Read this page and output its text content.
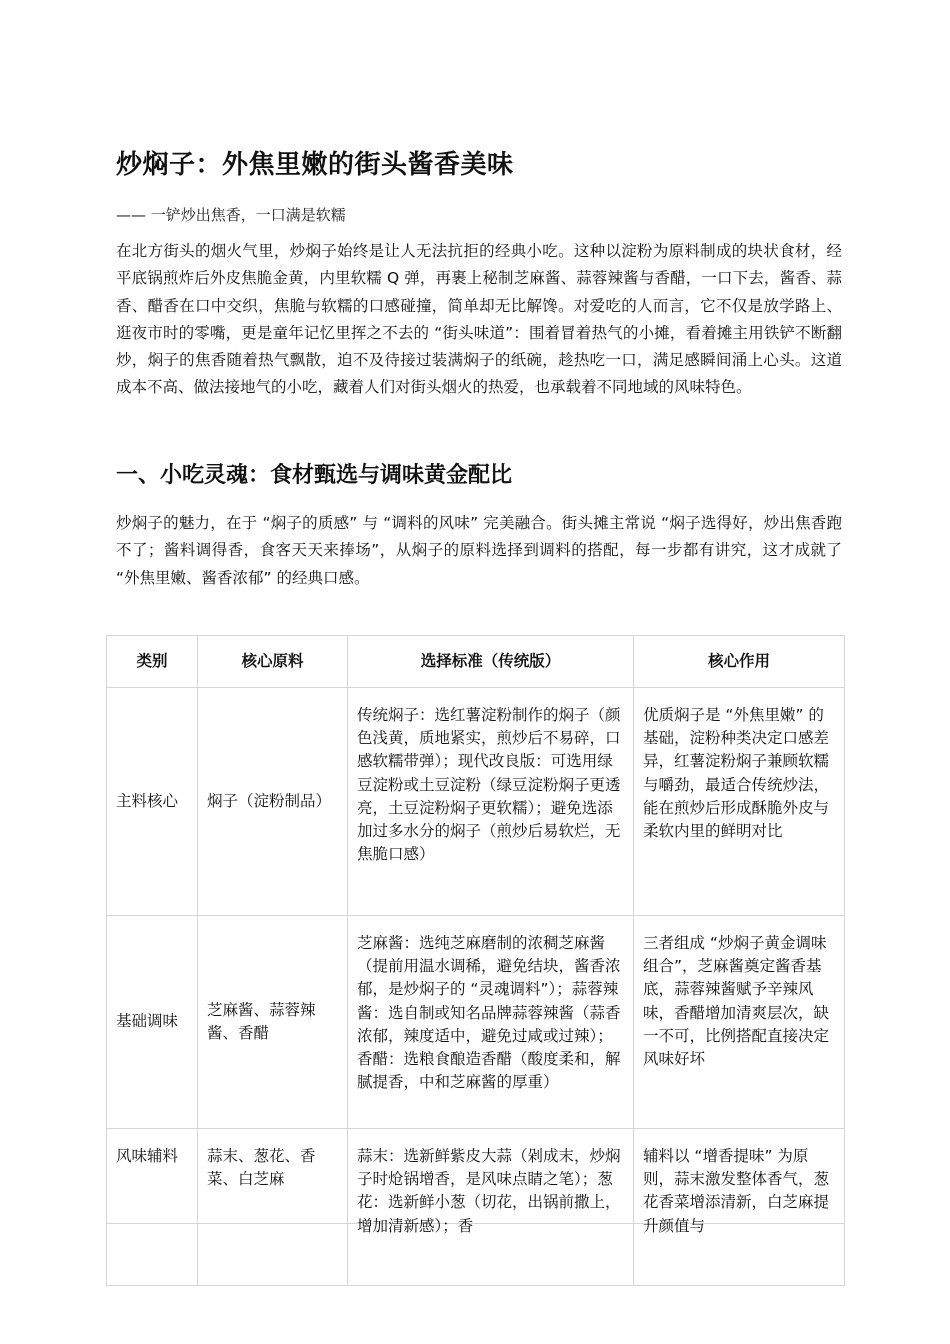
炒焖子：外焦里嫩的街头酱香美味

—— 一铲炒出焦香，一口满是软糯

在北方街头的烟火气里，炒焖子始终是让人无法抗拒的经典小吃。这种以淀粉为原料制成的块状食材，经平底锅煎炸后外皮焦脆金黄，内里软糯 Q 弹，再裹上秘制芝麻酱、蒜蓉辣酱与香醋，一口下去，酱香、蒜香、醋香在口中交织，焦脆与软糯的口感碰撞，简单却无比解馋。对爱吃的人而言，它不仅是放学路上、逛夜市时的零嘴，更是童年记忆里挥之不去的 “街头味道”：围着冒着热气的小摊，看着摊主用铁铲不断翻炒，焖子的焦香随着热气飘散，迫不及待接过装满焖子的纸碗，趁热吃一口，满足感瞬间涌上心头。这道成本不高、做法接地气的小吃，藏着人们对街头烟火的热爱，也承载着不同地域的风味特色。

一、小吃灵魂：食材甄选与调味黄金配比

炒焖子的魅力，在于 “焖子的质感” 与 “调料的风味” 完美融合。街头摊主常说 “焖子选得好，炒出焦香跑不了；酱料调得香，食客天天来捧场”，从焖子的原料选择到调料的搭配，每一步都有讲究，这才成就了 “外焦里嫩、酱香浓郁” 的经典口感。

类别	核心原料	选择标准（传统版）	核心作用
主料核心	焖子（淀粉制品）	传统焖子：选红薯淀粉制作的焖子（颜色浅黄，质地紧实，煎炒后不易碎，口感软糯带弹）；现代改良版：可选用绿豆淀粉或土豆淀粉（绿豆淀粉焖子更透亮，土豆淀粉焖子更软糯）；避免选添加过多水分的焖子（煎炒后易软烂，无焦脆口感）	优质焖子是 “外焦里嫩” 的基础，淀粉种类决定口感差异，红薯淀粉焖子兼顾软糯与嚼劲，最适合传统炒法，能在煎炒后形成酥脆外皮与柔软内里的鲜明对比
基础调味	芝麻酱、蒜蓉辣酱、香醋	芝麻酱：选纯芝麻磨制的浓稠芝麻酱（提前用温水调稀，避免结块，酱香浓郁，是炒焖子的 “灵魂调料”）；蒜蓉辣酱：选自制或知名品牌蒜蓉辣酱（蒜香浓郁，辣度适中，避免过咸或过辣）；香醋：选粮食酿造香醋（酸度柔和，解腻提香，中和芝麻酱的厚重）	三者组成 “炒焖子黄金调味组合”，芝麻酱奠定酱香基底，蒜蓉辣酱赋予辛辣风味，香醋增加清爽层次，缺一不可，比例搭配直接决定风味好坏
风味辅料	蒜末、葱花、香菜、白芝麻	蒜末：选新鲜紫皮大蒜（剁成末，炒焖子时炝锅增香，是风味点睛之笔）；葱花：选新鲜小葱（切花，出锅前撒上，增加清新感）；香	辅料以 “增香提味” 为原则，蒜末激发整体香气，葱花香菜增添清新，白芝麻提升颜值与
